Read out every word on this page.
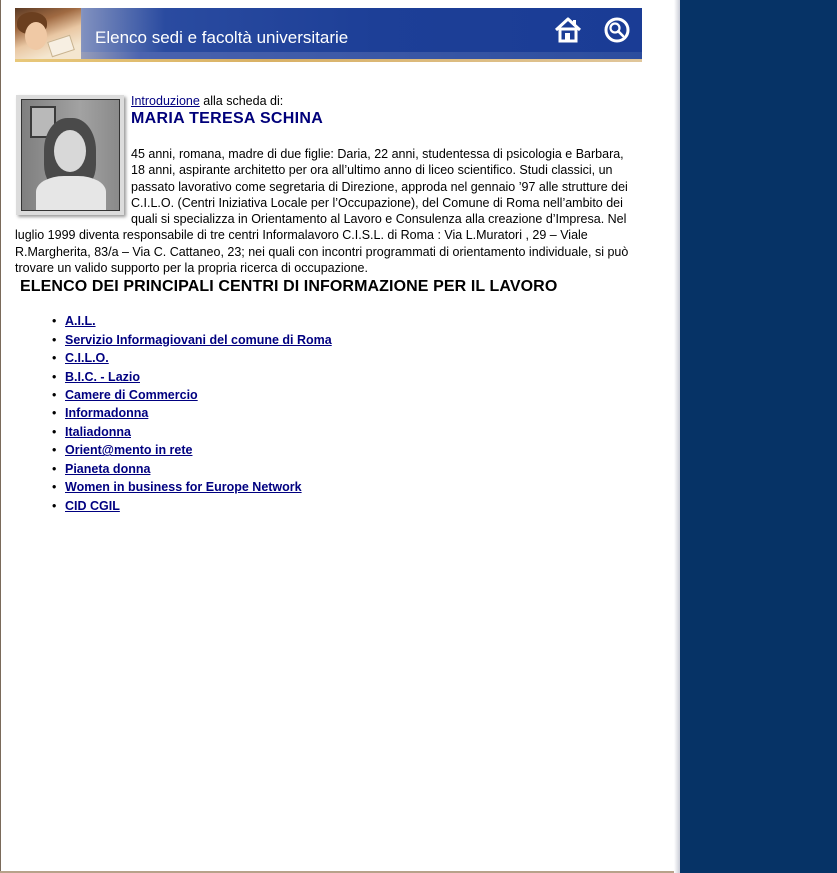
Elenco sedi e facoltà universitarie
Introduzione alla scheda di:
MARIA TERESA SCHINA
45 anni, romana, madre di due figlie: Daria, 22 anni, studentessa di psicologia e Barbara, 18 anni, aspirante architetto per ora all’ultimo anno di liceo scientifico. Studi classici, un passato lavorativo come segretaria di Direzione, approda nel gennaio ’97 alle strutture dei C.I.L.O. (Centri Iniziativa Locale per l’Occupazione), del Comune di Roma nell’ambito dei quali si specializza in Orientamento al Lavoro e Consulenza alla creazione d’Impresa. Nel luglio 1999 diventa responsabile di tre centri Informalavoro C.I.S.L. di Roma : Via L.Muratori , 29 – Viale R.Margherita, 83/a – Via C. Cattaneo, 23; nei quali con incontri programmati di orientamento individuale, si può trovare un valido supporto per la propria ricerca di occupazione.
ELENCO DEI PRINCIPALI CENTRI DI INFORMAZIONE PER IL LAVORO
• A.I.L.
• Servizio Informagiovani del comune di Roma
• C.I.L.O.
• B.I.C. - Lazio
• Camere di Commercio
• Informadonna
• Italiadonna
• Orient@mento in rete
• Pianeta donna
• Women in business for Europe Network
• CID CGIL
